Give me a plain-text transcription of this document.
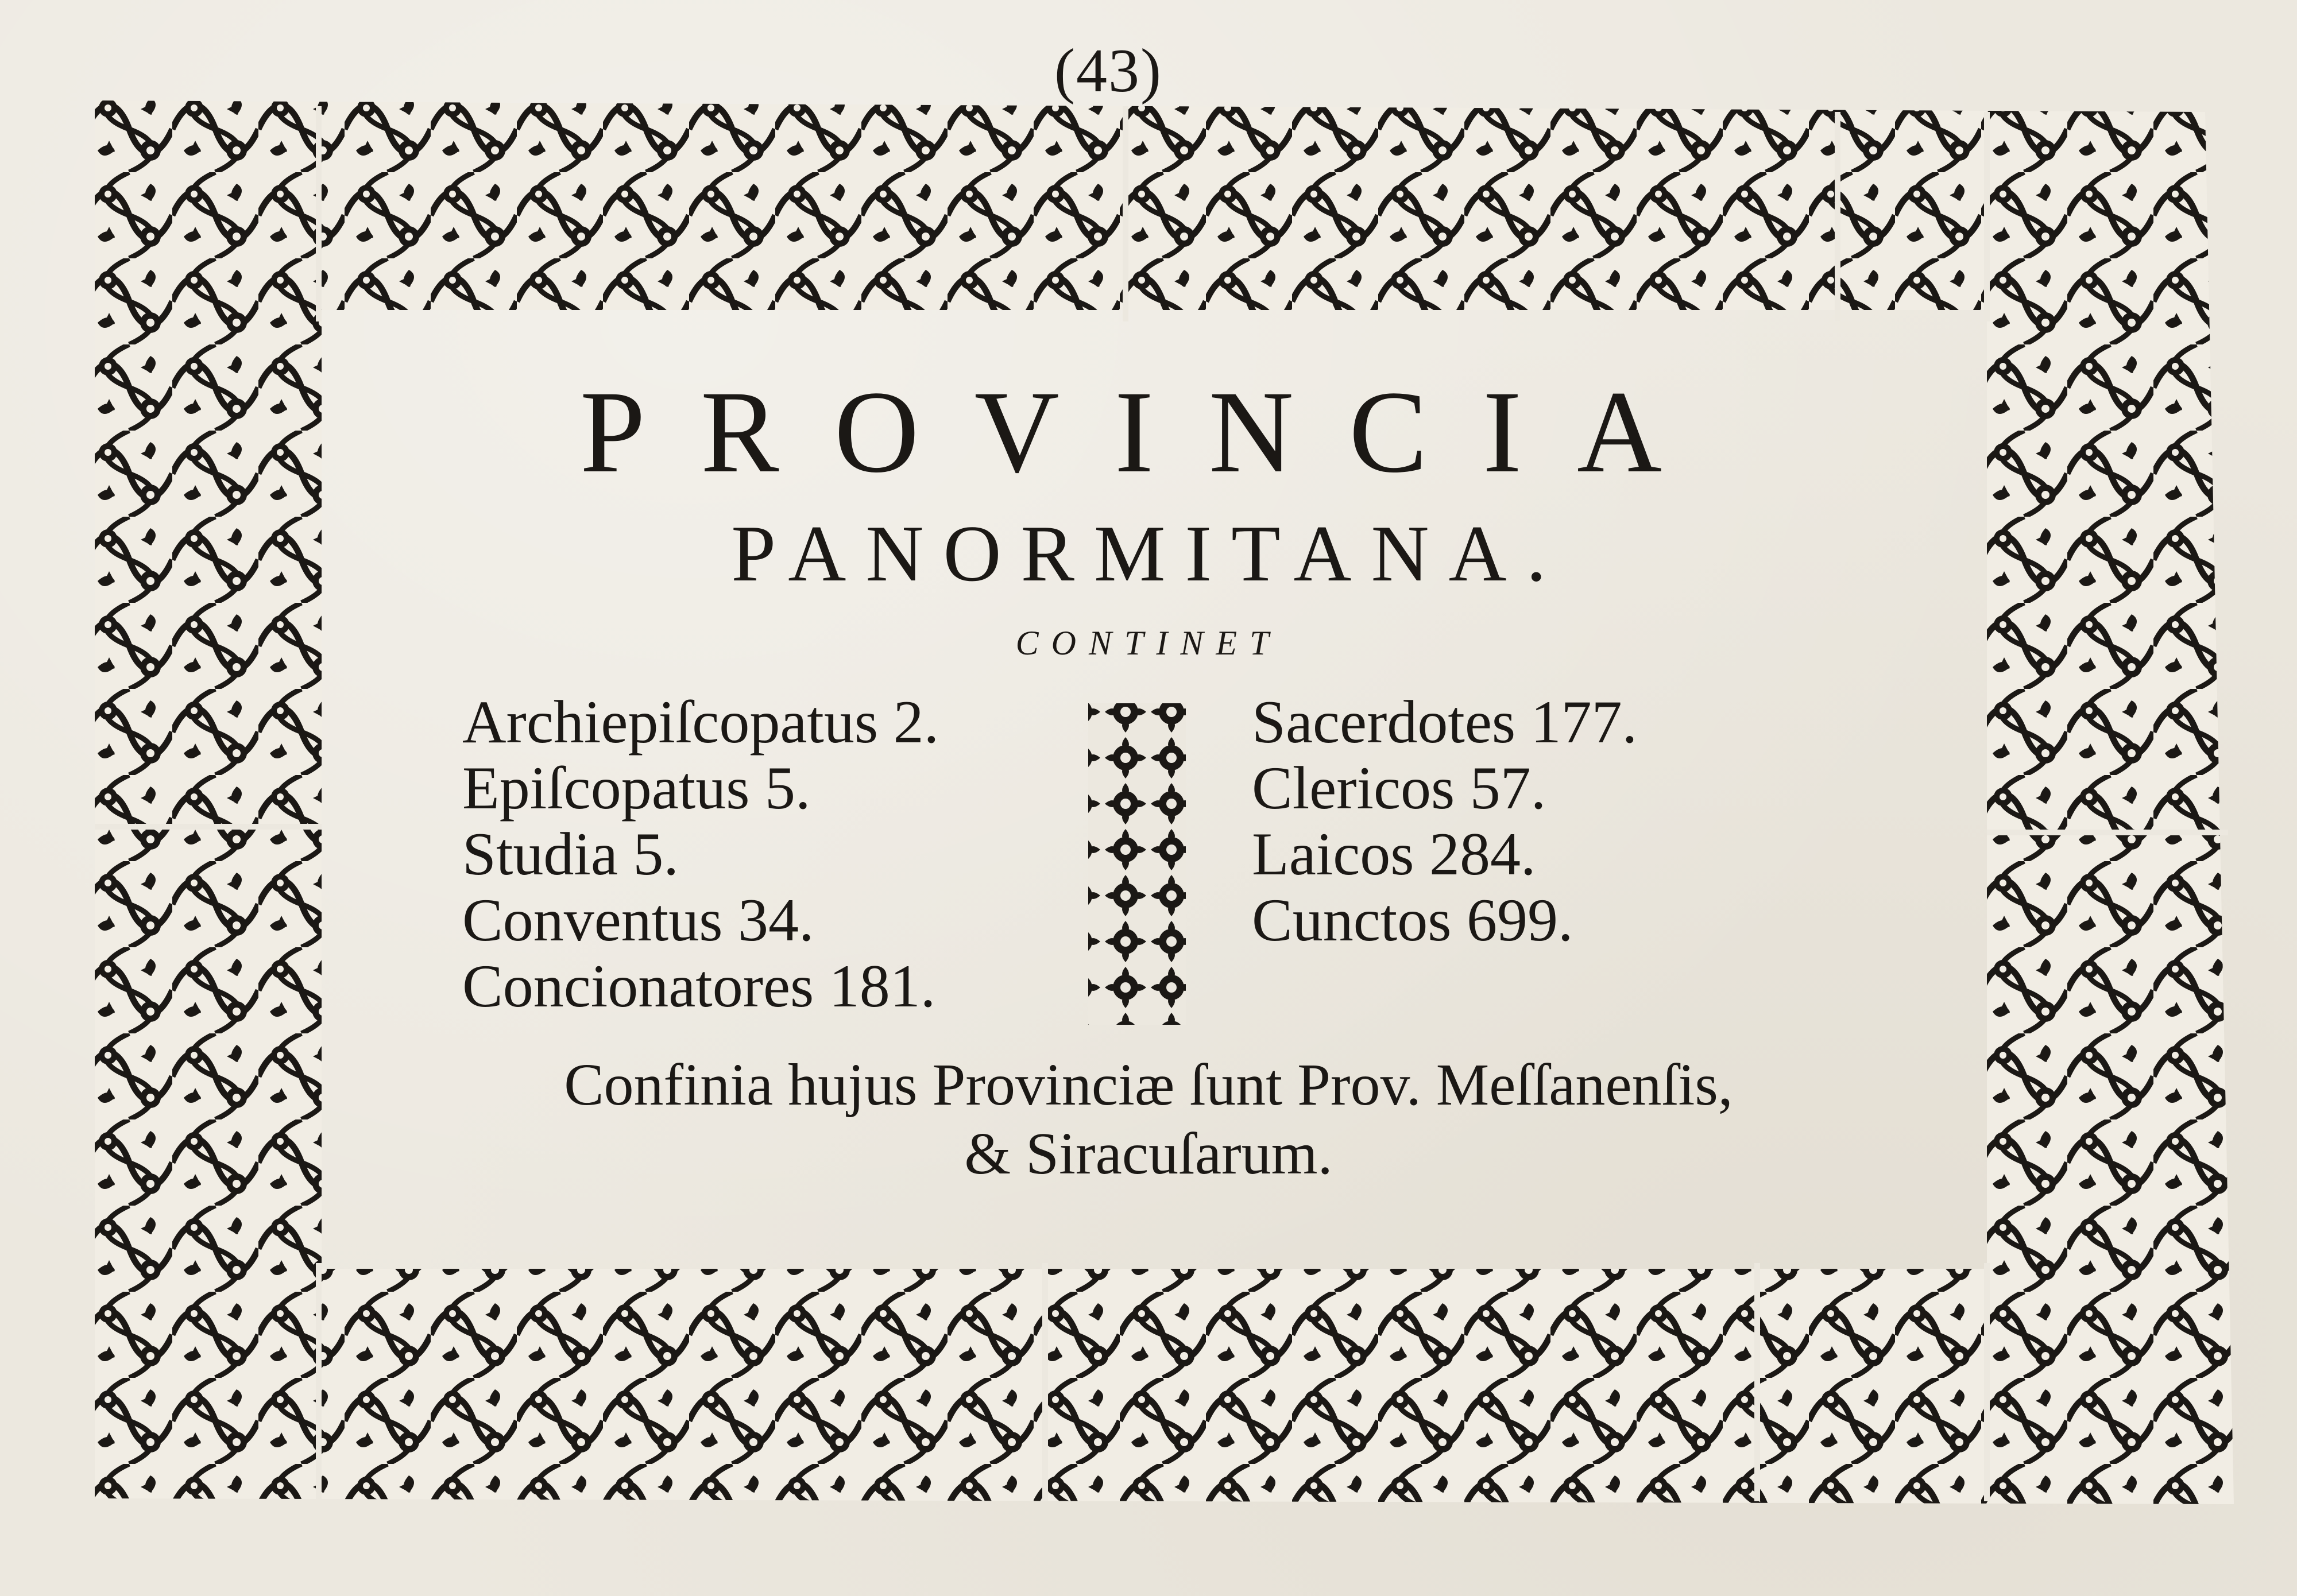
(43)
PROVINCIA
PANORMITANA.
CONTINET
Archiepiſcopatus 2.
Epiſcopatus 5.
Studia 5.
Conventus 34.
Concionatores 181.
Sacerdotes 177.
Clericos 57.
Laicos 284.
Cunctos 699.
Confinia hujus Provinciæ ſunt Prov. Meſſanenſis,
& Siracuſarum.
